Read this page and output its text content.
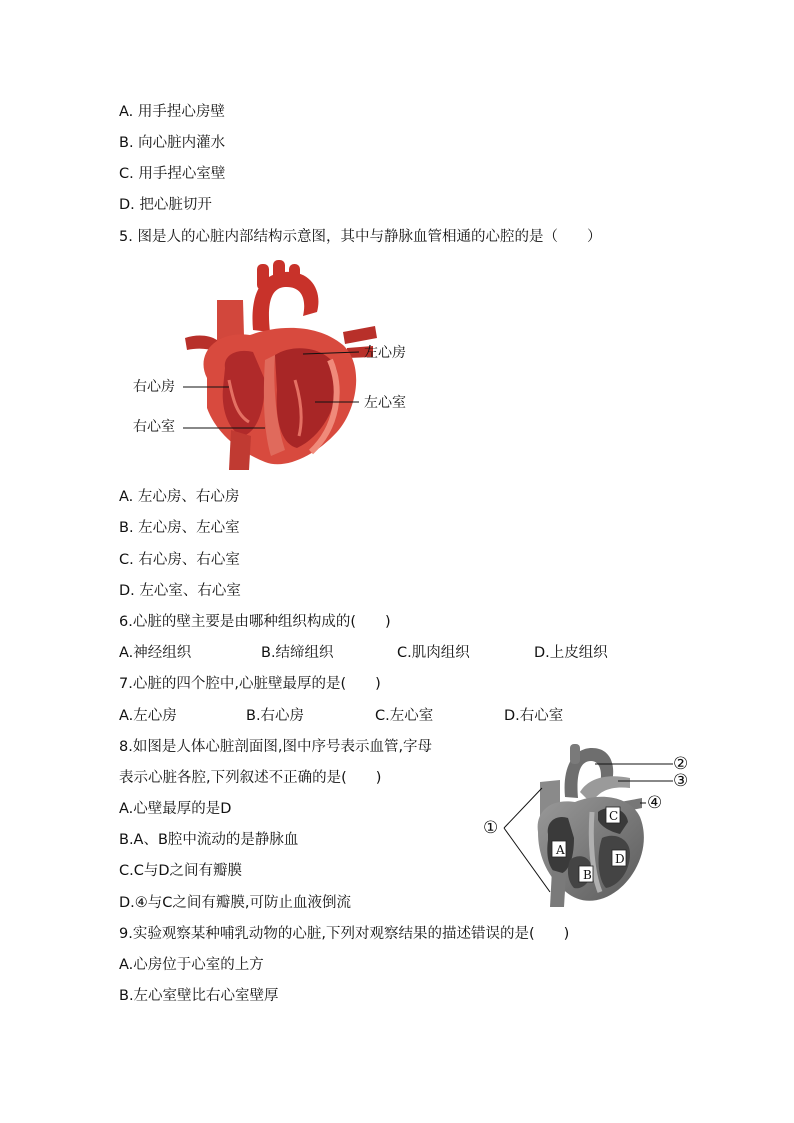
A. 用手捏心房壁
B. 向心脏内灌水
C. 用手捏心室壁
D. 把心脏切开
5. 图是人的心脏内部结构示意图，其中与静脉血管相通的心腔的是（　　）
左心房
左心室
右心房
右心室
A. 左心房、右心房
B. 左心房、左心室
C. 右心房、右心室
D. 左心室、右心室
6.心脏的壁主要是由哪种组织构成的(　　)
A.神经组织	B.结缔组织	C.肌肉组织	D.上皮组织
7.心脏的四个腔中,心脏壁最厚的是(　　)
A.左心房	B.右心房	C.左心室	D.右心室
8.如图是人体心脏剖面图,图中序号表示血管,字母
表示心脏各腔,下列叙述不正确的是(　　)
A.心壁最厚的是D
B.A、B腔中流动的是静脉血
C.C与D之间有瓣膜
D.④与C之间有瓣膜,可防止血液倒流
A
B
C
D
②
③
④
①
9.实验观察某种哺乳动物的心脏,下列对观察结果的描述错误的是(　　)
A.心房位于心室的上方
B.左心室壁比右心室壁厚
